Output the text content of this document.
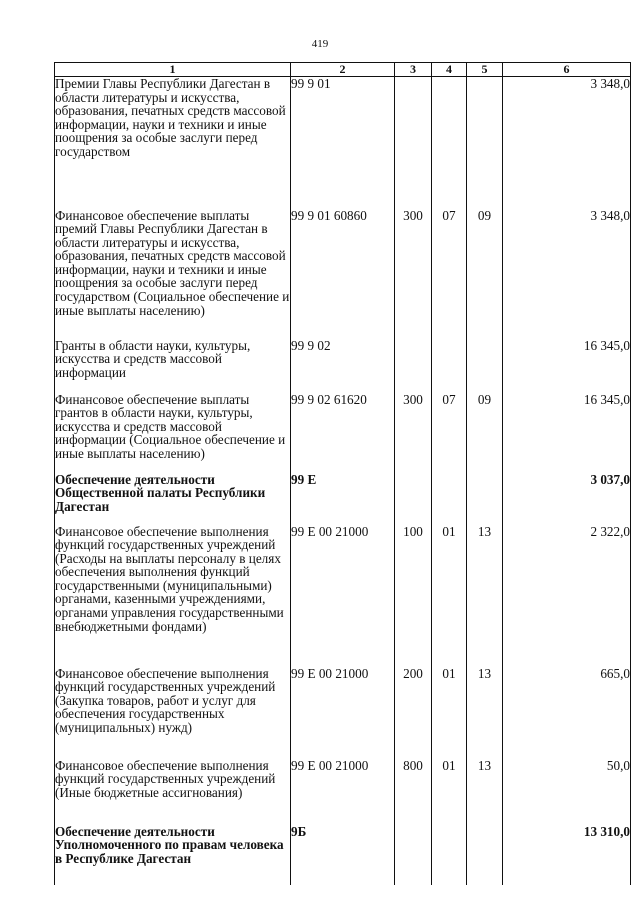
419
1	2	3	4	5	6
Премии Главы Республики Дагестан в области литературы и искусства, образования, печатных средств массовой информации, науки и техники и иные поощрения за особые заслуги перед государством	99 9 01				3 348,0
Финансовое обеспечение выплаты премий Главы Республики Дагестан в области литературы и искусства, образования, печатных средств массовой информации, науки и техники и иные поощрения за особые заслуги перед государством (Социальное обеспечение и иные выплаты населению)	99 9 01 60860	300	07	09	3 348,0
Гранты в области науки, культуры, искусства и средств массовой информации	99 9 02				16 345,0
Финансовое обеспечение выплаты грантов в области науки, культуры, искусства и средств массовой информации (Социальное обеспечение и иные выплаты населению)	99 9 02 61620	300	07	09	16 345,0
Обеспечение деятельности Общественной палаты Республики Дагестан	99 Е				3 037,0
Финансовое обеспечение выполнения функций государственных учреждений (Расходы на выплаты персоналу в целях обеспечения выполнения функций государственными (муниципальными) органами, казенными учреждениями, органами управления государственными внебюджетными фондами)	99 Е 00 21000	100	01	13	2 322,0
Финансовое обеспечение выполнения функций государственных учреждений (Закупка товаров, работ и услуг для обеспечения государственных (муниципальных) нужд)	99 Е 00 21000	200	01	13	665,0
Финансовое обеспечение выполнения функций государственных учреждений (Иные бюджетные ассигнования)	99 Е 00 21000	800	01	13	50,0
Обеспечение деятельности Уполномоченного по правам человека в Республике Дагестан	9Б				13 310,0
